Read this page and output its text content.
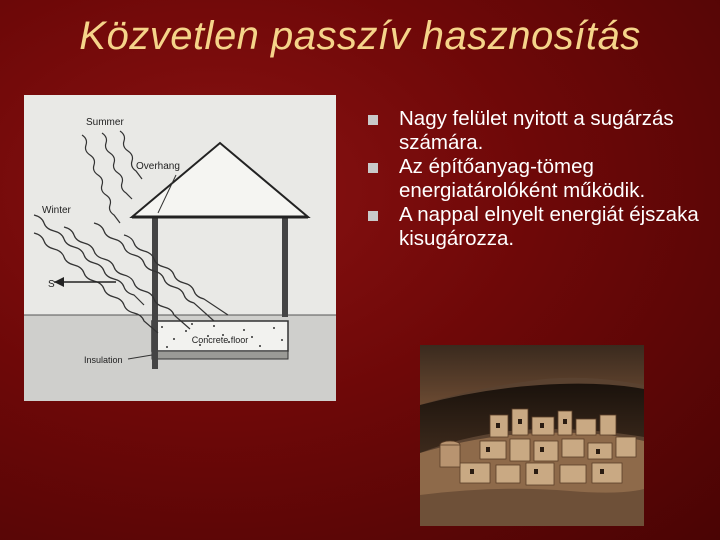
Közvetlen passzív hasznosítás
Summer
Overhang
Winter
S
Concrete floor
Insulation
Nagy felület nyitott a sugárzás számára.
Az építőanyag-tömeg energiatárolóként működik.
A nappal elnyelt energiát éjszaka kisugározza.
